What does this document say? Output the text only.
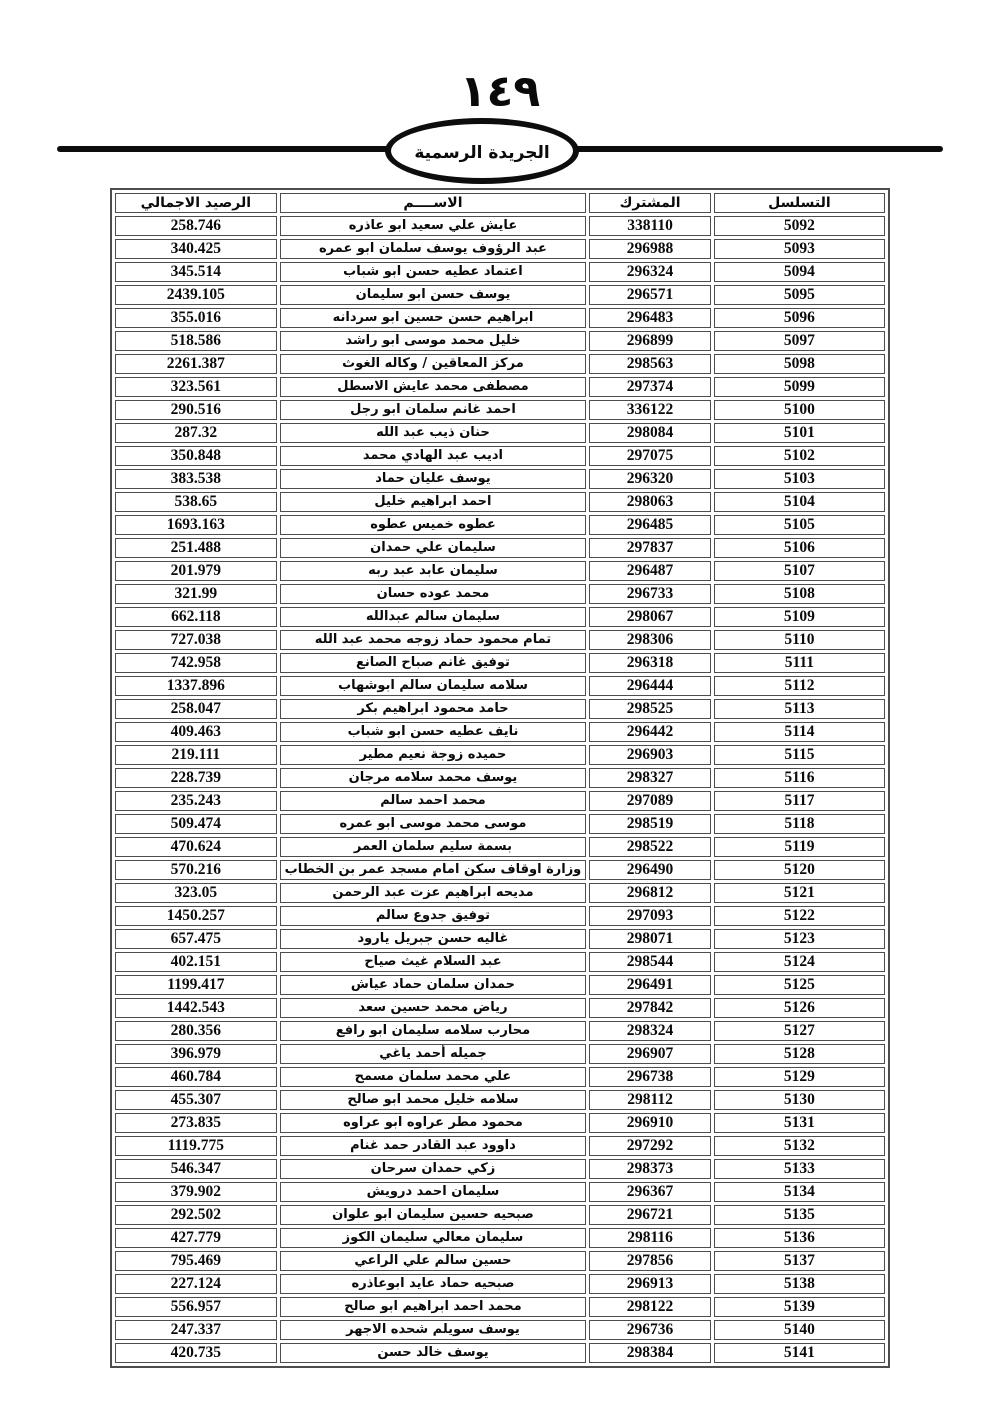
١٤٩
الجريدة الرسمية
التسلسل	المشترك	الاســــم	الرصيد الاجمالي
5092	338110	عايش علي سعيد ابو عاذره	258.746
5093	296988	عبد الرؤوف يوسف سلمان ابو عمره	340.425
5094	296324	اعتماد عطيه حسن ابو شباب	345.514
5095	296571	يوسف حسن ابو سليمان	2439.105
5096	296483	ابراهيم حسن حسين ابو سردانه	355.016
5097	296899	خليل محمد موسى ابو راشد	518.586
5098	298563	مركز المعاقين / وكاله الغوث	2261.387
5099	297374	مصطفى محمد عايش الاسطل	323.561
5100	336122	احمد غانم سلمان ابو رجل	290.516
5101	298084	حنان ذيب عبد الله	287.32
5102	297075	اديب عبد الهادي محمد	350.848
5103	296320	يوسف عليان حماد	383.538
5104	298063	احمد ابراهيم خليل	538.65
5105	296485	عطوه خميس عطوه	1693.163
5106	297837	سليمان علي حمدان	251.488
5107	296487	سليمان عابد عبد ربه	201.979
5108	296733	محمد عوده حسان	321.99
5109	298067	سليمان سالم عبدالله	662.118
5110	298306	تمام محمود حماد زوجه محمد عبد الله	727.038
5111	296318	توفيق غانم صباح الصانع	742.958
5112	296444	سلامه سليمان سالم ابوشهاب	1337.896
5113	298525	حامد محمود ابراهيم بكر	258.047
5114	296442	نايف عطيه حسن ابو شباب	409.463
5115	296903	حميده زوجة نعيم مطير	219.111
5116	298327	يوسف محمد سلامه مرجان	228.739
5117	297089	محمد احمد سالم	235.243
5118	298519	موسى محمد موسى ابو عمره	509.474
5119	298522	بسمة سليم سلمان العمر	470.624
5120	296490	وزارة اوقاف سكن امام مسجد عمر بن الخطاب	570.216
5121	296812	مديحه ابراهيم عزت عبد الرحمن	323.05
5122	297093	توفيق جدوع سالم	1450.257
5123	298071	غاليه حسن جبريل يارود	657.475
5124	298544	عبد السلام غيث صياح	402.151
5125	296491	حمدان سلمان حماد عياش	1199.417
5126	297842	رياض محمد حسين سعد	1442.543
5127	298324	محارب سلامه سليمان ابو رافع	280.356
5128	296907	جميله أحمد ياغي	396.979
5129	296738	علي محمد سلمان مسمح	460.784
5130	298112	سلامه خليل محمد ابو صالح	455.307
5131	296910	محمود مطر عراوه ابو عراوه	273.835
5132	297292	داوود عبد القادر حمد غنام	1119.775
5133	298373	زكي حمدان سرحان	546.347
5134	296367	سليمان احمد درويش	379.902
5135	296721	صبحيه حسين سليمان ابو علوان	292.502
5136	298116	سليمان معالي سليمان الكوز	427.779
5137	297856	حسين سالم علي الراعي	795.469
5138	296913	صبحيه حماد عايد ابوعاذره	227.124
5139	298122	محمد احمد ابراهيم ابو صالح	556.957
5140	296736	يوسف سويلم شحده الاجهر	247.337
5141	298384	يوسف خالد حسن	420.735
